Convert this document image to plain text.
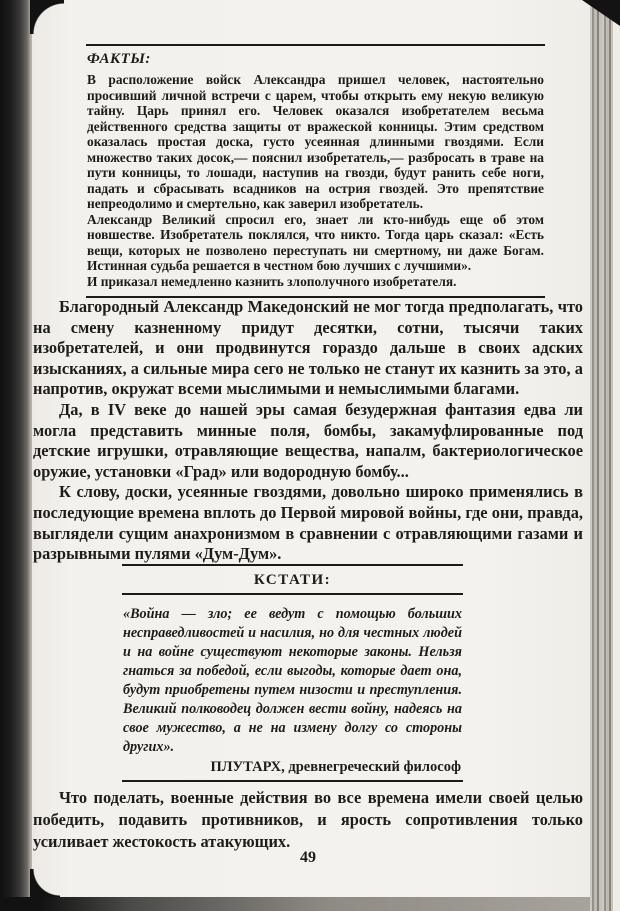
ФАКТЫ:

В расположение войск Александра пришел человек, настоятельно просивший личной встречи с царем, чтобы открыть ему некую великую тайну. Царь принял его. Человек оказался изобретателем весьма действенного средства защиты от вражеской конницы. Этим средством оказалась простая доска, густо усеянная длинными гвоздями. Если множество таких досок,— пояснил изобретатель,— разбросать в траве на пути конницы, то лошади, наступив на гвозди, будут ранить себе ноги, падать и сбрасывать всадников на острия гвоздей. Это препятствие непреодолимо и смертельно, как заверил изобретатель.

Александр Великий спросил его, знает ли кто-нибудь еще об этом новшестве. Изобретатель поклялся, что никто. Тогда царь сказал: «Есть вещи, которых не позволено переступать ни смертному, ни даже Богам. Истинная судьба решается в честном бою лучших с лучшими».

И приказал немедленно казнить злополучного изобретателя.

Благородный Александр Македонский не мог тогда предполагать, что на смену казненному придут десятки, сотни, тысячи таких изобретателей, и они продвинутся гораздо дальше в своих адских изысканиях, а сильные мира сего не только не станут их казнить за это, а напротив, окружат всеми мыслимыми и немыслимыми благами.

Да, в IV веке до нашей эры самая безудержная фантазия едва ли могла представить минные поля, бомбы, закамуфлированные под детские игрушки, отравляющие вещества, напалм, бактериологическое оружие, установки «Град» или водородную бомбу...

К слову, доски, усеянные гвоздями, довольно широко применялись в последующие времена вплоть до Первой мировой войны, где они, правда, выглядели сущим анахронизмом в сравнении с отравляющими газами и разрывными пулями «Дум-Дум».

КСТАТИ:

«Война — зло; ее ведут с помощью больших несправедливостей и насилия, но для честных людей и на войне существуют некоторые законы. Нельзя гнаться за победой, если выгоды, которые дает она, будут приобретены путем низости и преступления. Великий полководец должен вести войну, надеясь на свое мужество, а не на измену долгу со стороны других».

ПЛУТАРХ, древнегреческий философ

Что поделать, военные действия во все времена имели своей целью победить, подавить противников, и ярость сопротивления только усиливает жестокость атакующих.

49
